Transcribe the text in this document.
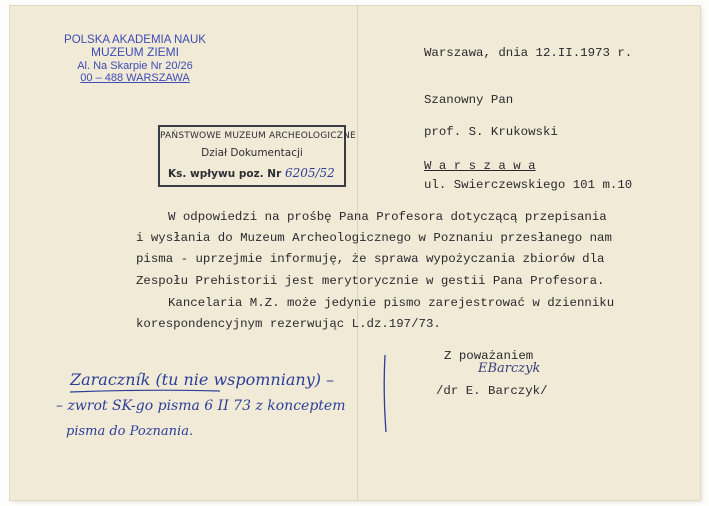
POLSKA AKADEMIA NAUK
MUZEUM ZIEMI
Al. Na Skarpie Nr 20/26
00 – 488 WARSZAWA
Warszawa, dnia 12.II.1973 r.
Szanowny Pan
prof. S. Krukowski
W a r s z a w a
ul. Swierczewskiego 101 m.10
PAŃSTWOWE MUZEUM ARCHEOLOGICZNE
Dział Dokumentacji
Ks. wpływu poz. Nr 6205/52
W odpowiedzi na prośbę Pana Profesora dotyczącą przepisania
i wysłania do Muzeum Archeologicznego w Poznaniu przesłanego nam
pisma - uprzejmie informuję, że sprawa wypożyczania zbiorów dla
Zespołu Prehistorii jest merytorycznie w gestii Pana Profesora.
Kancelaria M.Z. może jedynie pismo zarejestrować w dzienniku
korespondencyjnym rezerwując L.dz.197/73.
Z poważaniem
EBarczyk
/dr E. Barczyk/
Zaraczník (tu nie wspomniany) –
– zwrot SK-go pisma 6 II 73 z konceptem
pisma do Poznania.
